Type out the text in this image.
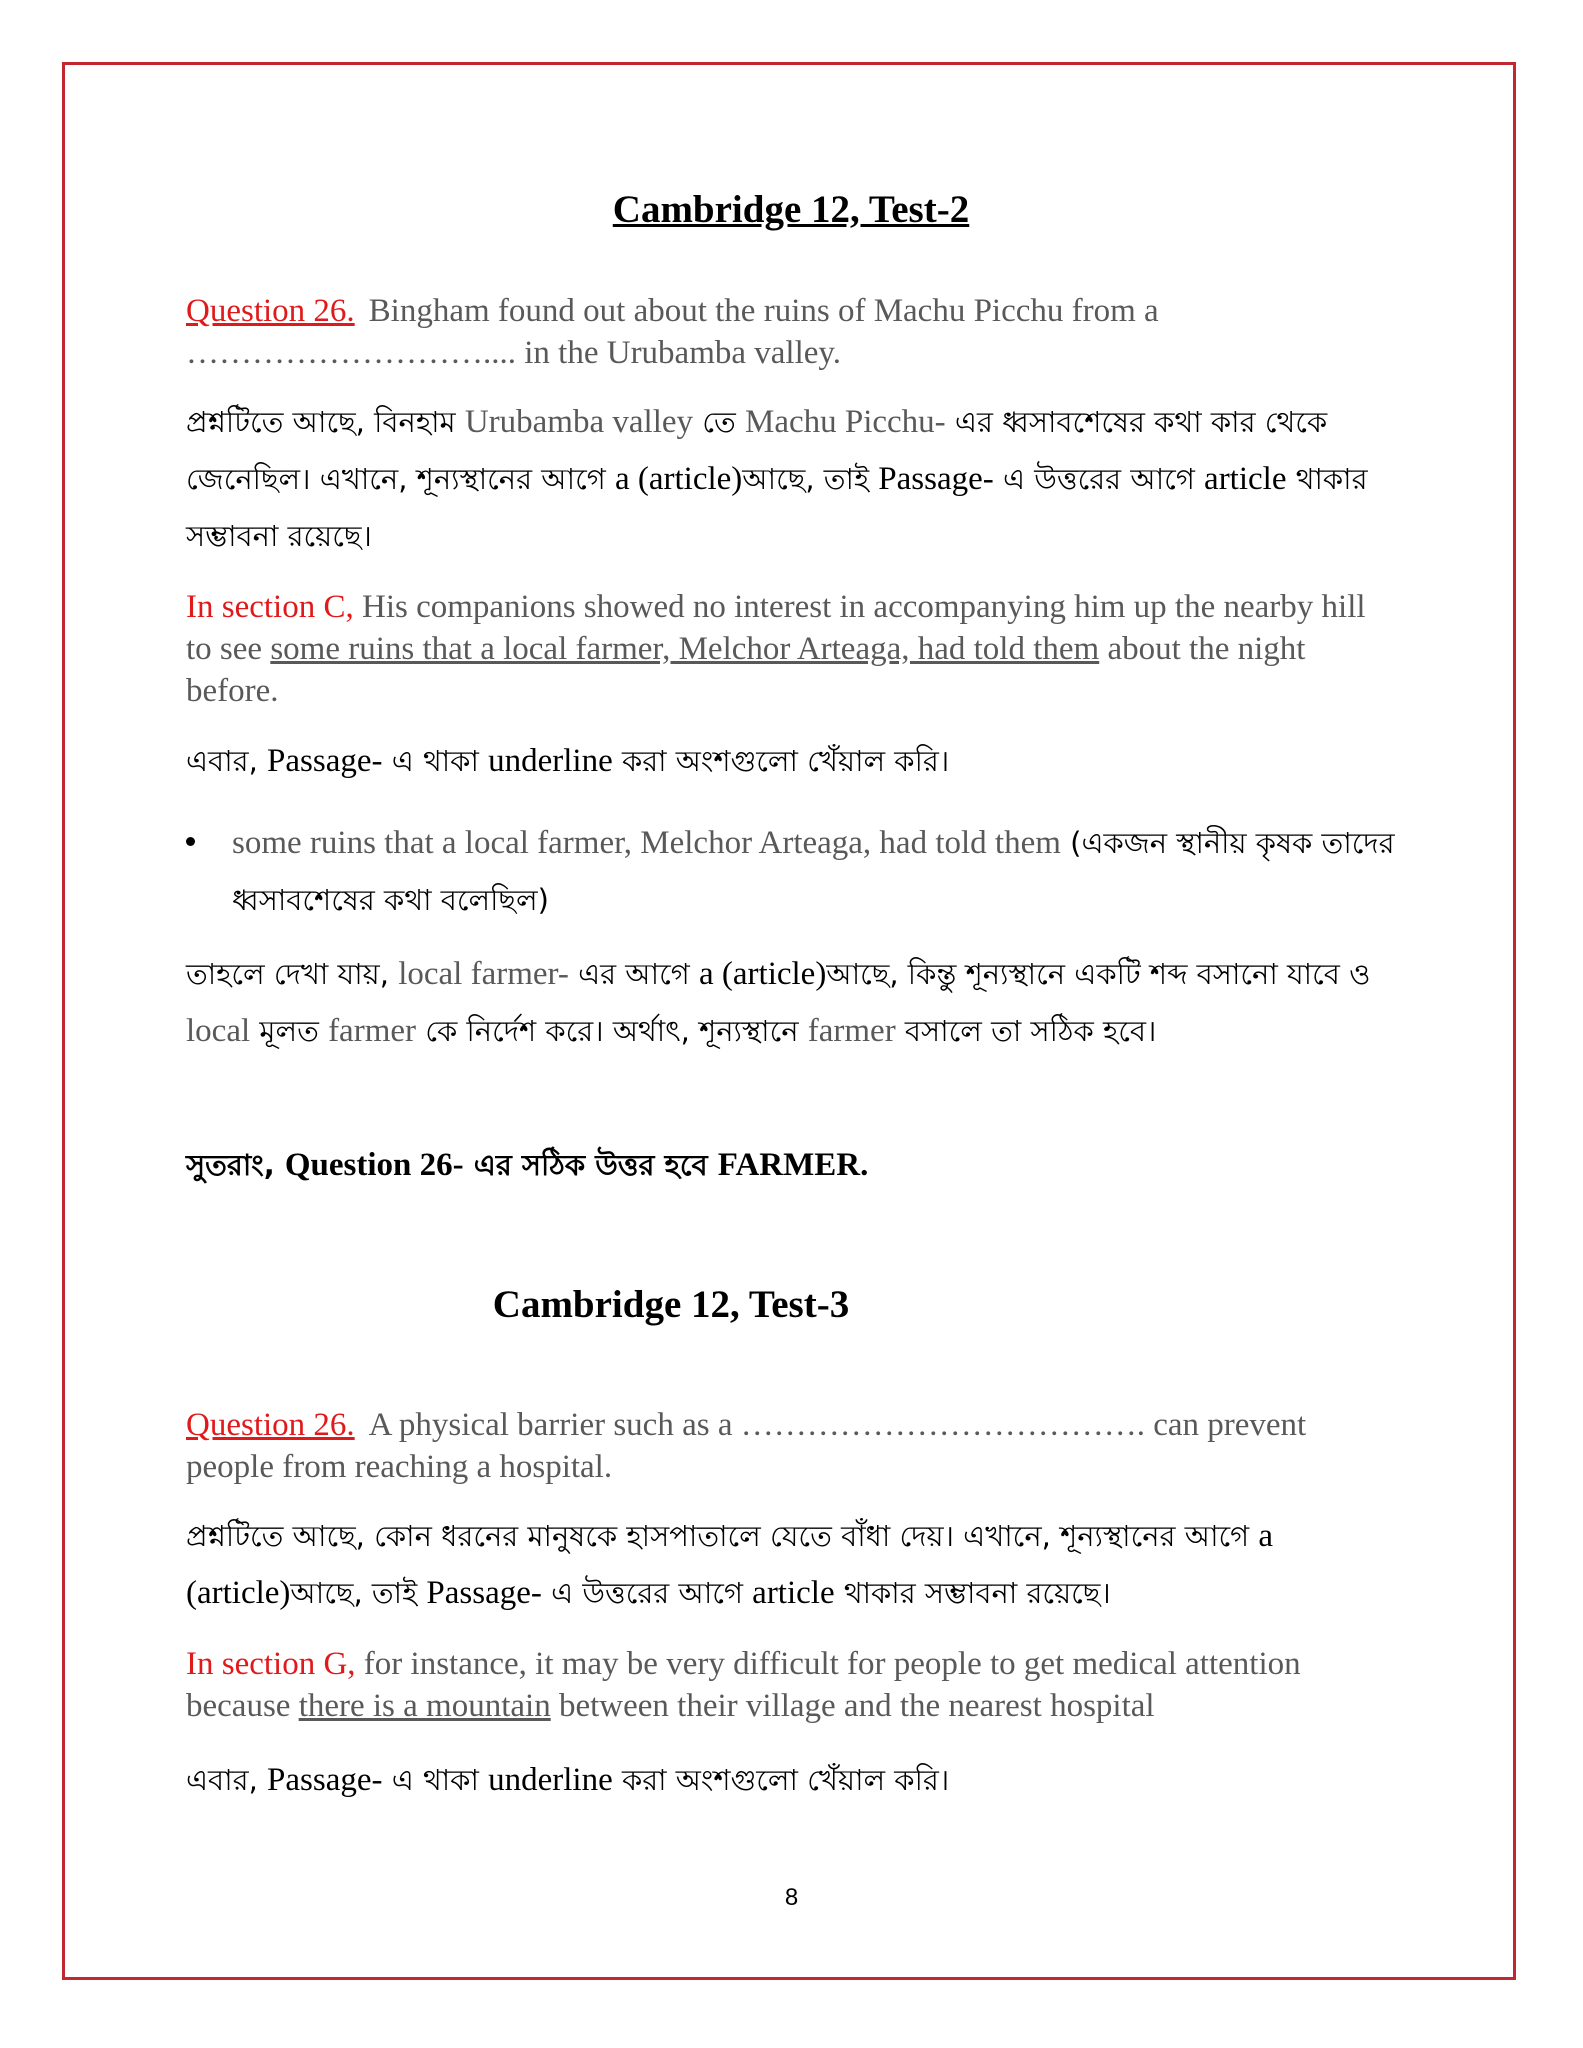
Cambridge 12, Test-2
Question 26. Bingham found out about the ruins of Machu Picchu from a ……………………….... in the Urubamba valley.
প্রশ্নটিতে আছে, বিনহাম Urubamba valley তে Machu Picchu- এর ধ্বসাবশেষের কথা কার থেকে জেনেছিল। এখানে, শূন্যস্থানের আগে a (article)আছে, তাই Passage- এ উত্তরের আগে article থাকার সম্ভাবনা রয়েছে।
In section C, His companions showed no interest in accompanying him up the nearby hill to see some ruins that a local farmer, Melchor Arteaga, had told them about the night before.
এবার, Passage- এ থাকা underline করা অংশগুলো খেঁয়াল করি।
some ruins that a local farmer, Melchor Arteaga, had told them (একজন স্থানীয় কৃষক তাদের ধ্বসাবশেষের কথা বলেছিল)
তাহলে দেখা যায়, local farmer- এর আগে a (article)আছে, কিন্তু শূন্যস্থানে একটি শব্দ বসানো যাবে ও local মূলত farmer কে নির্দেশ করে। অর্থাৎ, শূন্যস্থানে farmer বসালে তা সঠিক হবে।
সুতরাং, Question 26- এর সঠিক উত্তর হবে FARMER.
Cambridge 12, Test-3
Question 26. A physical barrier such as a ………………………………. can prevent people from reaching a hospital.
প্রশ্নটিতে আছে, কোন ধরনের মানুষকে হাসপাতালে যেতে বাঁধা দেয়। এখানে, শূন্যস্থানের আগে a (article)আছে, তাই Passage- এ উত্তরের আগে article থাকার সম্ভাবনা রয়েছে।
In section G, for instance, it may be very difficult for people to get medical attention because there is a mountain between their village and the nearest hospital
এবার, Passage- এ থাকা underline করা অংশগুলো খেঁয়াল করি।
8
